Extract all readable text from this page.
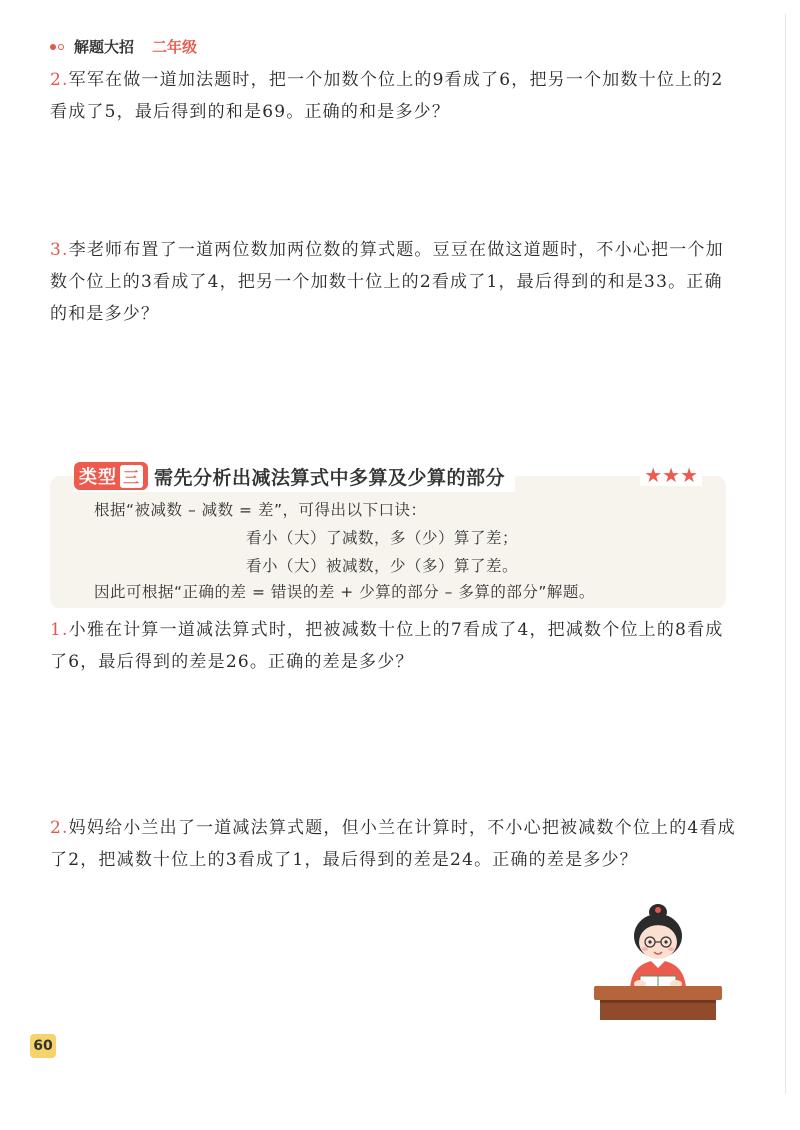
解题大招 二年级
2.军军在做一道加法题时，把一个加数个位上的9看成了6，把另一个加数十位上的2看成了5，最后得到的和是69。正确的和是多少？
3.李老师布置了一道两位数加两位数的算式题。豆豆在做这道题时，不小心把一个加数个位上的3看成了4，把另一个加数十位上的2看成了1，最后得到的和是33。正确的和是多少？
类型 三 需先分析出减法算式中多算及少算的部分	★★★
根据“被减数 – 减数 = 差”，可得出以下口诀：
看小（大）了减数，多（少）算了差；
看小（大）被减数，少（多）算了差。
因此可根据“正确的差 = 错误的差 + 少算的部分 – 多算的部分”解题。
1.小雅在计算一道减法算式时，把被减数十位上的7看成了4，把减数个位上的8看成了6，最后得到的差是26。正确的差是多少？
2.妈妈给小兰出了一道减法算式题，但小兰在计算时，不小心把被减数个位上的4看成了2，把减数十位上的3看成了1，最后得到的差是24。正确的差是多少？
60
